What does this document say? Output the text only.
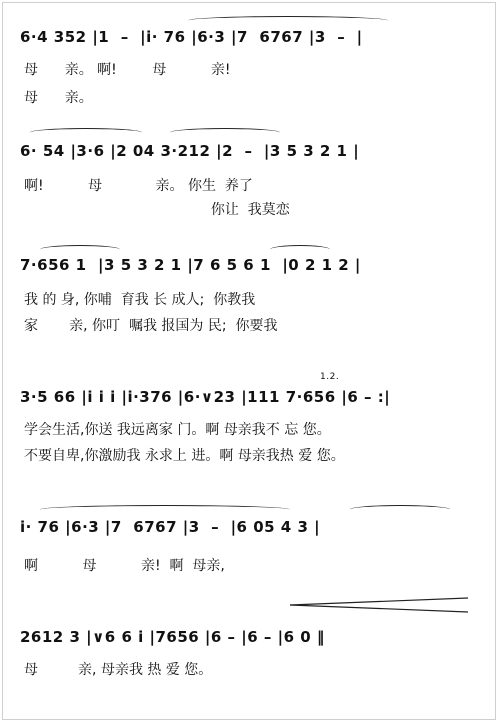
6·4 352 |1  –  |i· 76 |6·3 |7  6767 |3  –  |
母      亲。 啊!        母          亲!
母      亲。
6· 54 |3·6 |2 04 3·212 |2  –  |3 5 3 2 1 |
啊!          母            亲。 你生  养了
你让  我莫恋
7·656 1  |3 5 3 2 1 |7 6 5 6 1  |0 2 1 2 |
我 的 身, 你哺  育我 长 成人;  你教我
家       亲, 你叮  嘱我 报国为 民;  你要我
1.2.
3·5 66 |i i i |i·376 |6·∨23 |111 7·656 |6 – :|
学会生活,你送 我远离家 门。啊 母亲我不 忘 您。
不要自卑,你激励我 永求上 进。啊 母亲我热 爱 您。
i· 76 |6·3 |7  6767 |3  –  |6 05 4 3 |
啊          母          亲!  啊  母亲,
2612 3 |∨6 6 i |7656 |6 – |6 – |6 0 ‖
母         亲, 母亲我 热 爱 您。
